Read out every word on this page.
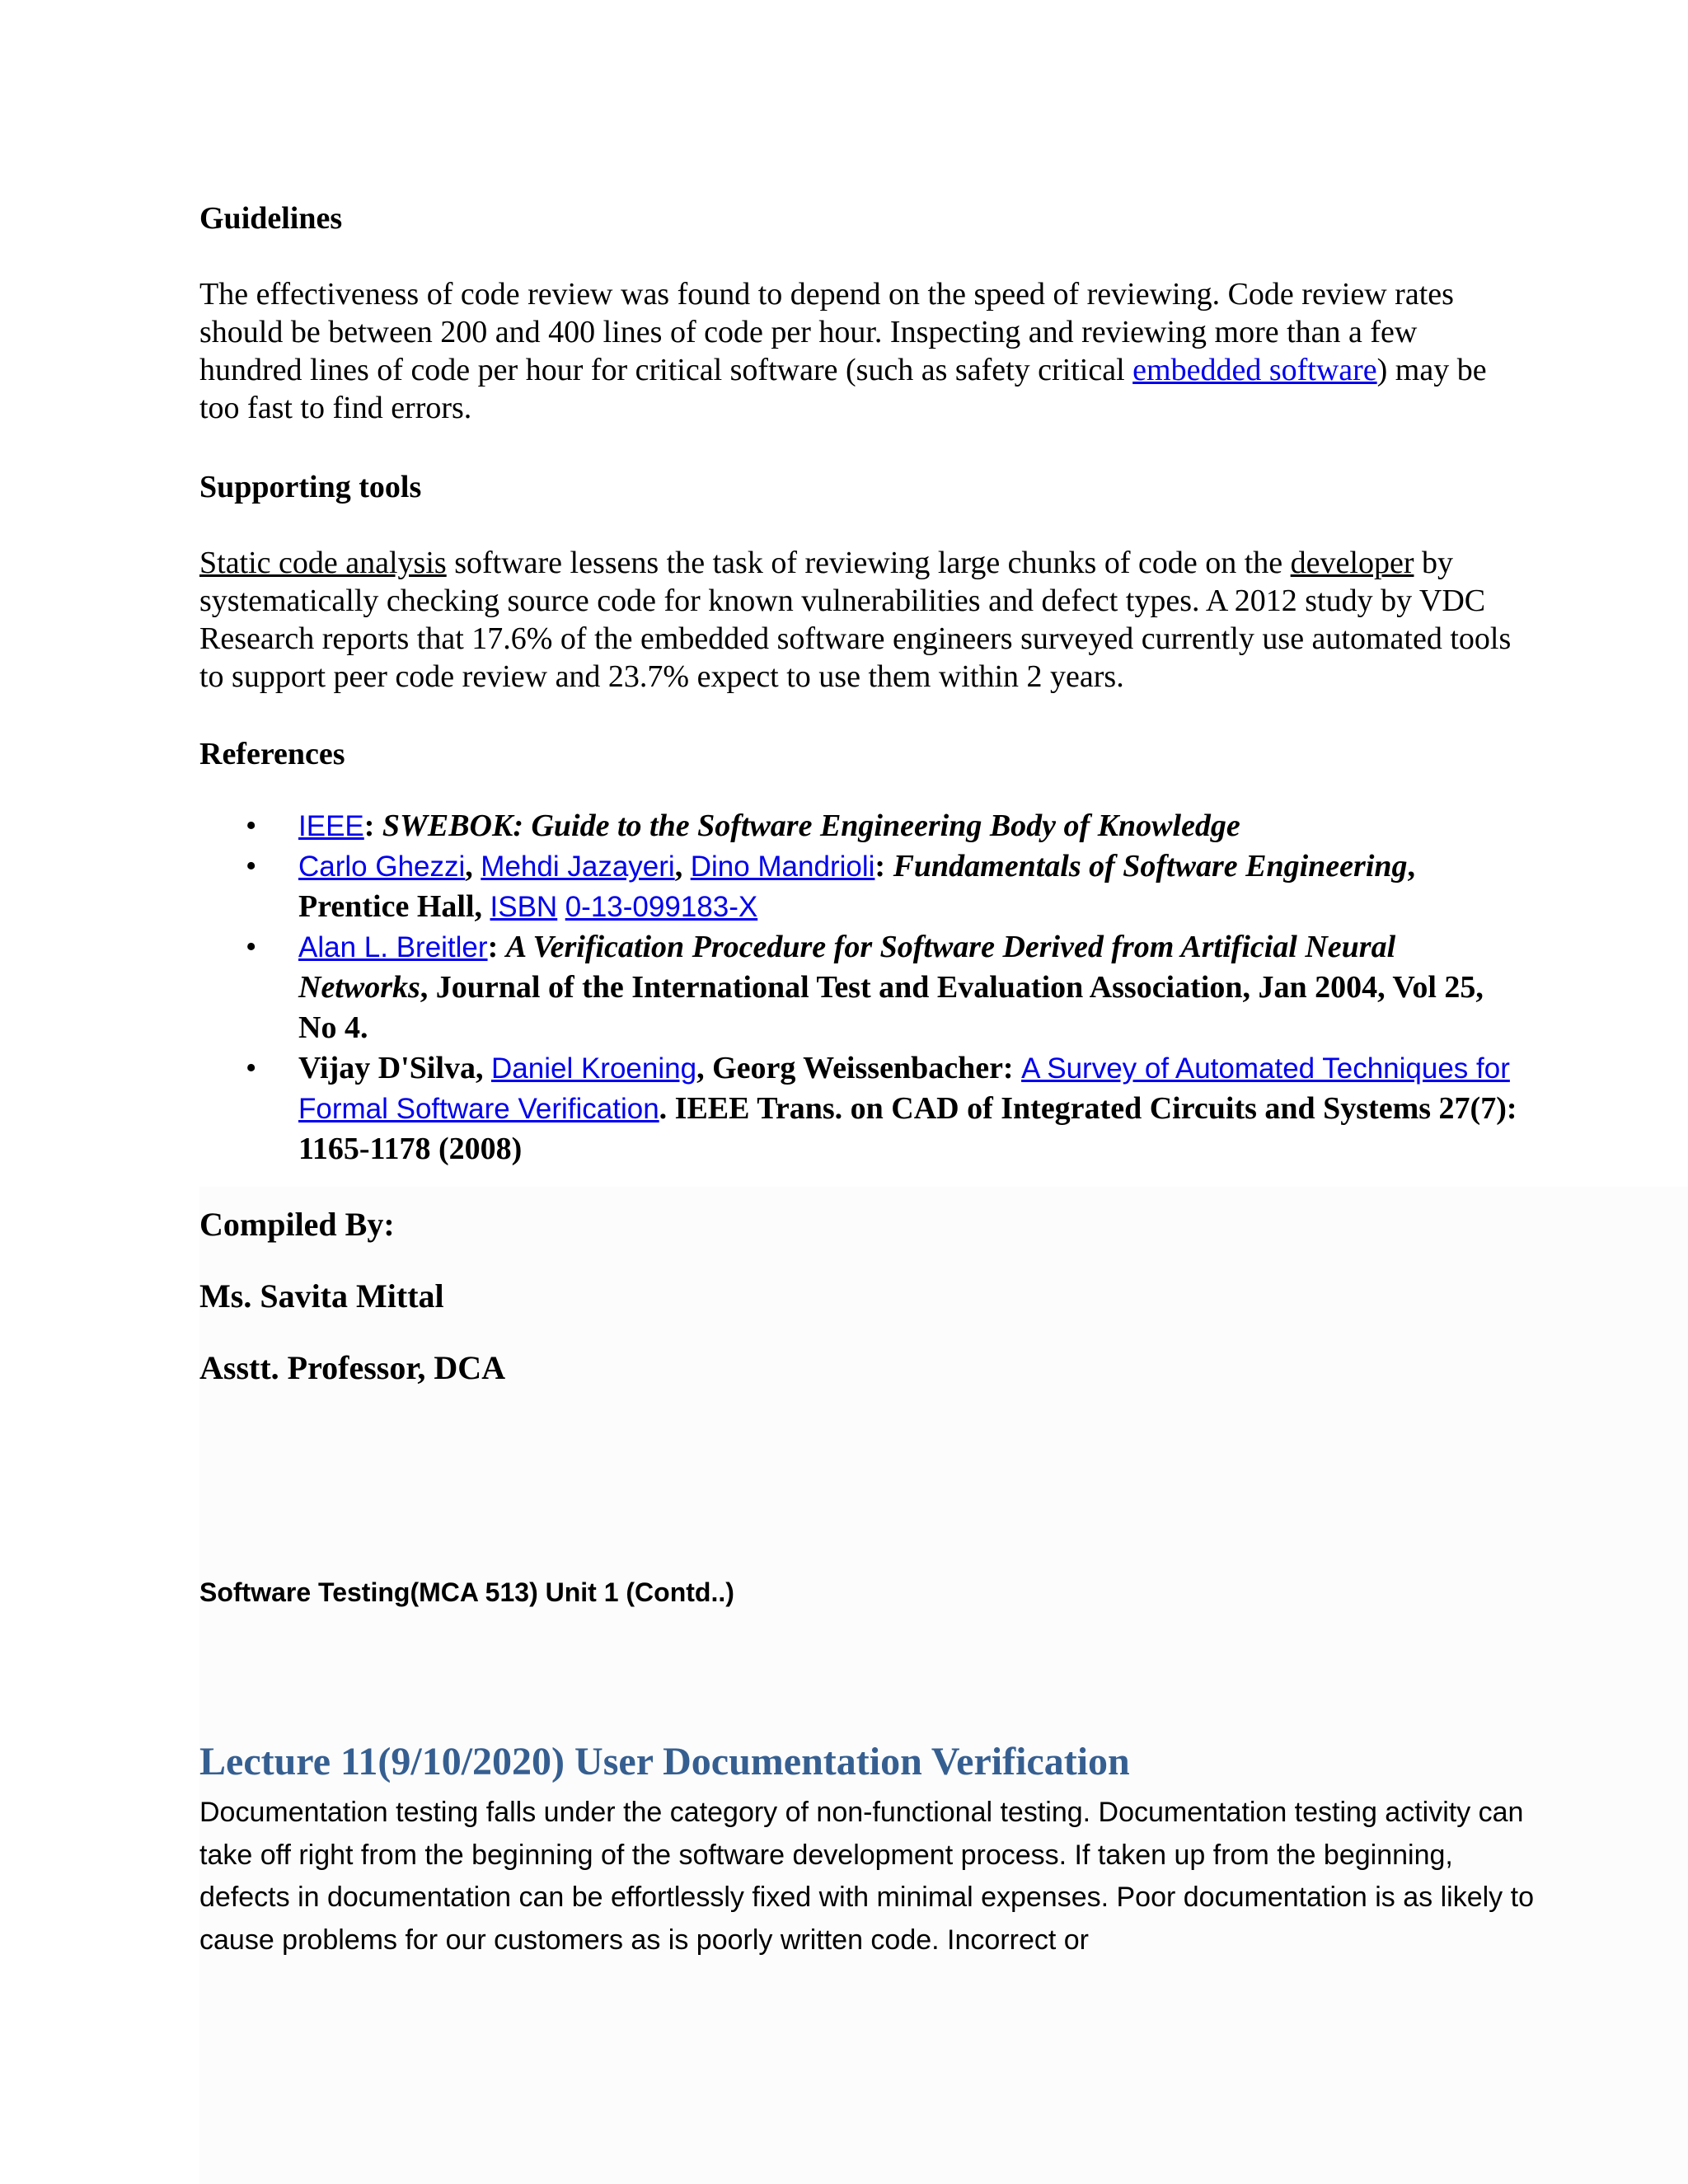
Guidelines

The effectiveness of code review was found to depend on the speed of reviewing. Code review rates should be between 200 and 400 lines of code per hour. Inspecting and reviewing more than a few hundred lines of code per hour for critical software (such as safety critical embedded software) may be too fast to find errors.

Supporting tools

Static code analysis software lessens the task of reviewing large chunks of code on the developer by systematically checking source code for known vulnerabilities and defect types. A 2012 study by VDC Research reports that 17.6% of the embedded software engineers surveyed currently use automated tools to support peer code review and 23.7% expect to use them within 2 years.

References
• IEEE: SWEBOK: Guide to the Software Engineering Body of Knowledge
• Carlo Ghezzi, Mehdi Jazayeri, Dino Mandrioli: Fundamentals of Software Engineering, Prentice Hall, ISBN 0-13-099183-X
• Alan L. Breitler: A Verification Procedure for Software Derived from Artificial Neural Networks, Journal of the International Test and Evaluation Association, Jan 2004, Vol 25, No 4.
• Vijay D'Silva, Daniel Kroening, Georg Weissenbacher: A Survey of Automated Techniques for Formal Software Verification. IEEE Trans. on CAD of Integrated Circuits and Systems 27(7): 1165-1178 (2008)

Compiled By:

Ms. Savita Mittal

Asstt. Professor, DCA

Software Testing(MCA 513) Unit 1 (Contd..)

Lecture 11(9/10/2020) User Documentation Verification

Documentation testing falls under the category of non-functional testing. Documentation testing activity can take off right from the beginning of the software development process. If taken up from the beginning, defects in documentation can be effortlessly fixed with minimal expenses. Poor documentation is as likely to cause problems for our customers as is poorly written code. Incorrect or
